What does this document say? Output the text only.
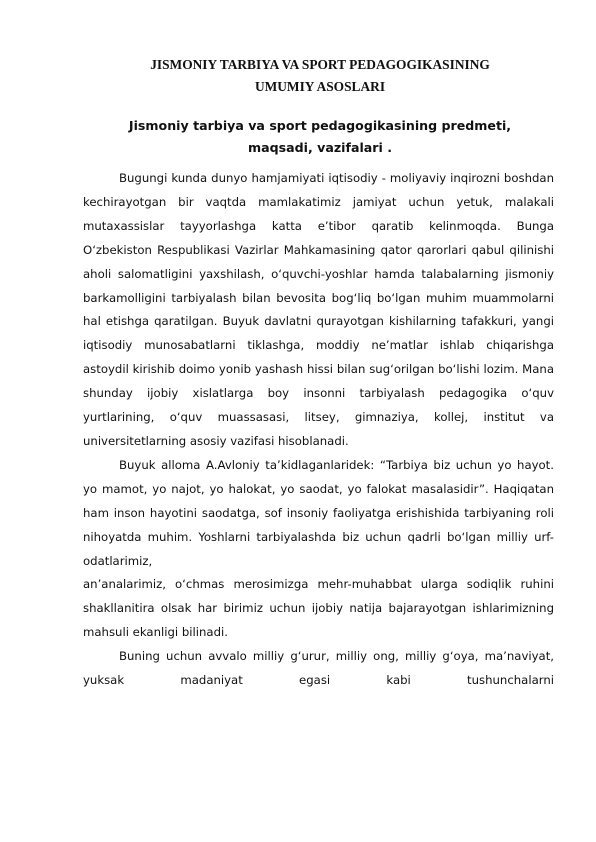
JISMONIY TARBIYA VA SPORT PEDAGOGIKASINING
UMUMIY ASOSLARI
Jismoniy tarbiya va sport pedagogikasining predmeti,
maqsadi, vazifalari .

Bugungi kunda dunyo hamjamiyati iqtisodiy - moliyaviy inqirozni boshdan kechirayotgan bir vaqtda mamlakatimiz jamiyat uchun yetuk, malakali mutaxassislar tayyorlashga katta e’tibor qaratib kelinmoqda. Bunga O‘zbekiston Respublikasi Vazirlar Mahkamasining qator qarorlari qabul qilinishi aholi salomatligini yaxshilash, o‘quvchi-yoshlar hamda talabalarning jismoniy barkamolligini tarbiyalash bilan bevosita bog‘liq bo‘lgan muhim muammolarni hal etishga qaratilgan. Buyuk davlatni qurayotgan kishilarning tafakkuri, yangi iqtisodiy munosabatlarni tiklashga, moddiy ne’matlar ishlab chiqarishga astoydil kirishib doimo yonib yashash hissi bilan sug‘orilgan bo‘lishi lozim. Mana shunday ijobiy xislatlarga boy insonni tarbiyalash pedagogika o‘quv yurtlarining, o‘quv muassasasi, litsey, gimnaziya, kollej, institut va universitetlarning asosiy vazifasi hisoblanadi.

Buyuk alloma A.Avloniy ta’kidlaganlaridek: “Tarbiya biz uchun yo hayot. yo mamot, yo najot, yo halokat, yo saodat, yo falokat masalasidir”. Haqiqatan ham inson hayotini saodatga, sof insoniy faoliyatga erishishida tarbiyaning roli nihoyatda muhim. Yoshlarni tarbiyalashda biz uchun qadrli bo‘lgan milliy urf-odatlarimiz,

an’analarimiz, o‘chmas merosimizga mehr-muhabbat ularga sodiqlik ruhini shakllanitira olsak har birimiz uchun ijobiy natija bajarayotgan ishlarimizning mahsuli ekanligi bilinadi.

Buning uchun avvalo milliy g‘urur, milliy ong, milliy g‘oya, ma’naviyat, yuksak madaniyat egasi kabi tushunchalarni
